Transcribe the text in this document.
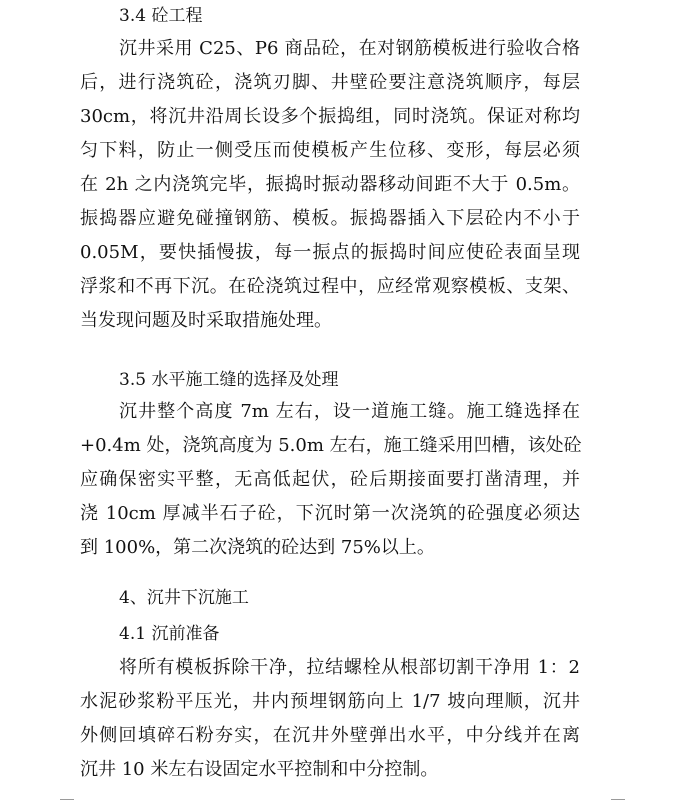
3.4 砼工程
沉井采用 C25、P6 商品砼，在对钢筋模板进行验收合格
后，进行浇筑砼，浇筑刃脚、井壁砼要注意浇筑顺序，每层
30cm，将沉井沿周长设多个振捣组，同时浇筑。保证对称均
匀下料，防止一侧受压而使模板产生位移、变形，每层必须
在 2h 之内浇筑完毕，振捣时振动器移动间距不大于 0.5m。
振捣器应避免碰撞钢筋、模板。振捣器插入下层砼内不小于
0.05M，要快插慢拔，每一振点的振捣时间应使砼表面呈现
浮浆和不再下沉。在砼浇筑过程中，应经常观察模板、支架、
当发现问题及时采取措施处理。
3.5 水平施工缝的选择及处理
沉井整个高度 7m 左右，设一道施工缝。施工缝选择在
+0.4m 处，浇筑高度为 5.0m 左右，施工缝采用凹槽，该处砼
应确保密实平整，无高低起伏，砼后期接面要打凿清理，并
浇 10cm 厚减半石子砼，下沉时第一次浇筑的砼强度必须达
到 100%，第二次浇筑的砼达到 75%以上。
4、沉井下沉施工
4.1 沉前准备
将所有模板拆除干净，拉结螺栓从根部切割干净用 1：2
水泥砂浆粉平压光，井内预埋钢筋向上 1/7 坡向理顺，沉井
外侧回填碎石粉夯实，在沉井外壁弹出水平，中分线并在离
沉井 10 米左右设固定水平控制和中分控制。
